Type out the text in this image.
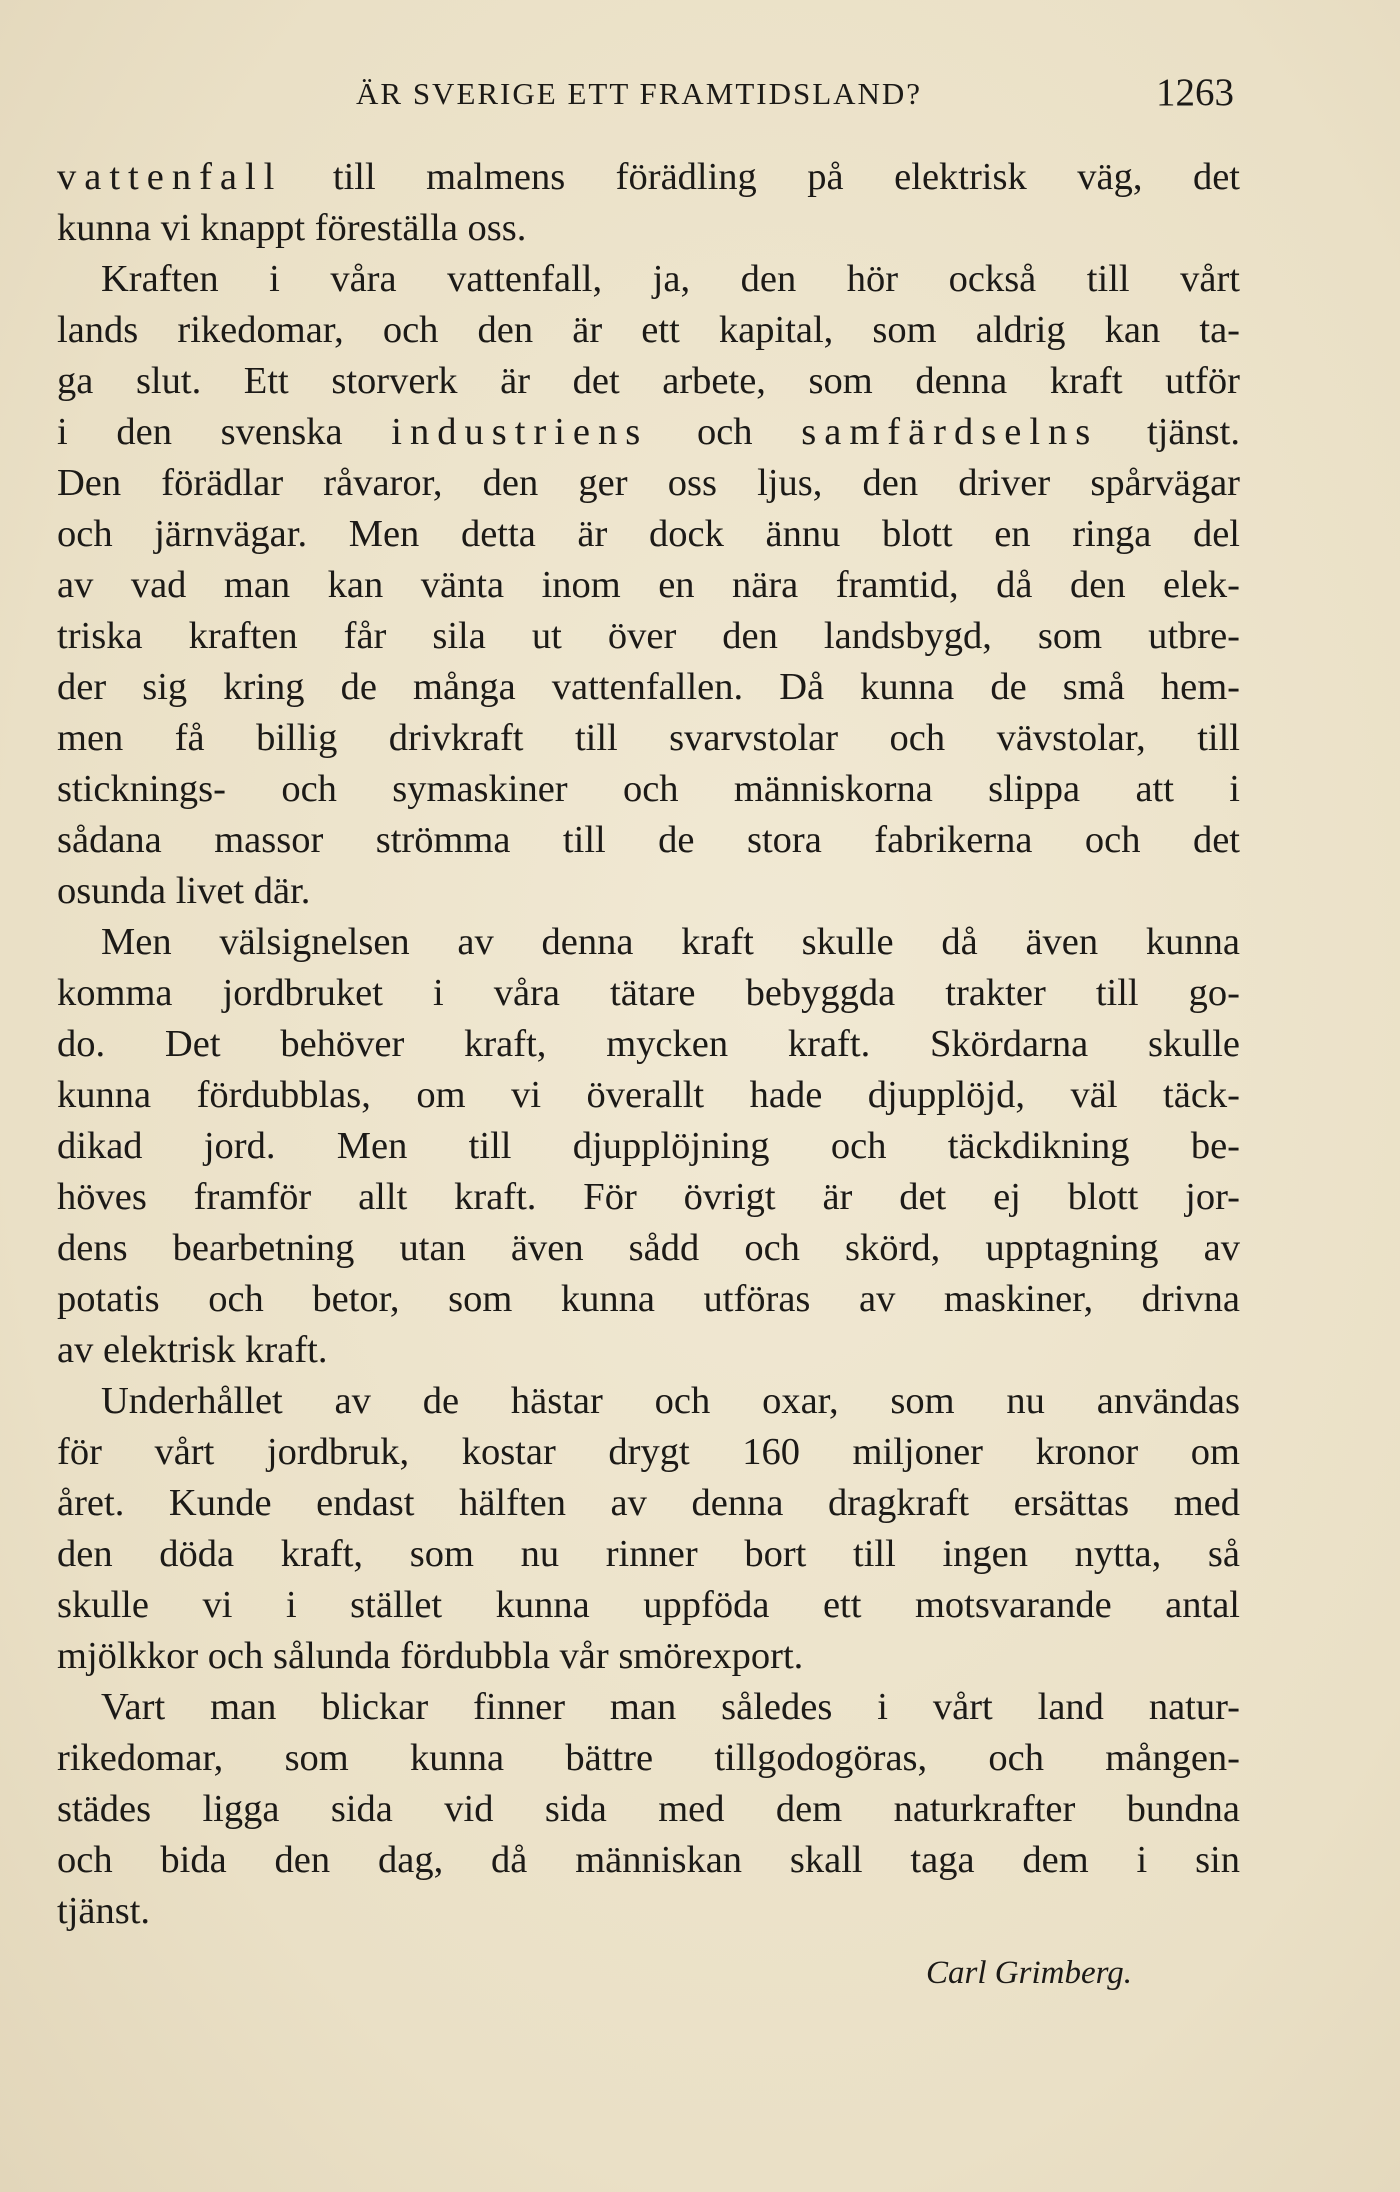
ÄR SVERIGE ETT FRAMTIDSLAND?	1263
vattenfall till malmens förädling på elektrisk väg, det
kunna vi knappt föreställa oss.
Kraften i våra vattenfall, ja, den hör också till vårt
lands rikedomar, och den är ett kapital, som aldrig kan ta-
ga slut. Ett storverk är det arbete, som denna kraft utför
i den svenska industriens och samfärdselns tjänst.
Den förädlar råvaror, den ger oss ljus, den driver spårvägar
och järnvägar. Men detta är dock ännu blott en ringa del
av vad man kan vänta inom en nära framtid, då den elek-
triska kraften får sila ut över den landsbygd, som utbre-
der sig kring de många vattenfallen. Då kunna de små hem-
men få billig drivkraft till svarvstolar och vävstolar, till
sticknings- och symaskiner och människorna slippa att i
sådana massor strömma till de stora fabrikerna och det
osunda livet där.
Men välsignelsen av denna kraft skulle då även kunna
komma jordbruket i våra tätare bebyggda trakter till go-
do. Det behöver kraft, mycken kraft. Skördarna skulle
kunna fördubblas, om vi överallt hade djupplöjd, väl täck-
dikad jord. Men till djupplöjning och täckdikning be-
höves framför allt kraft. För övrigt är det ej blott jor-
dens bearbetning utan även sådd och skörd, upptagning av
potatis och betor, som kunna utföras av maskiner, drivna
av elektrisk kraft.
Underhållet av de hästar och oxar, som nu användas
för vårt jordbruk, kostar drygt 160 miljoner kronor om
året. Kunde endast hälften av denna dragkraft ersättas med
den döda kraft, som nu rinner bort till ingen nytta, så
skulle vi i stället kunna uppföda ett motsvarande antal
mjölkkor och sålunda fördubbla vår smörexport.
Vart man blickar finner man således i vårt land natur-
rikedomar, som kunna bättre tillgodogöras, och mången-
städes ligga sida vid sida med dem naturkrafter bundna
och bida den dag, då människan skall taga dem i sin
tjänst.
Carl Grimberg.
